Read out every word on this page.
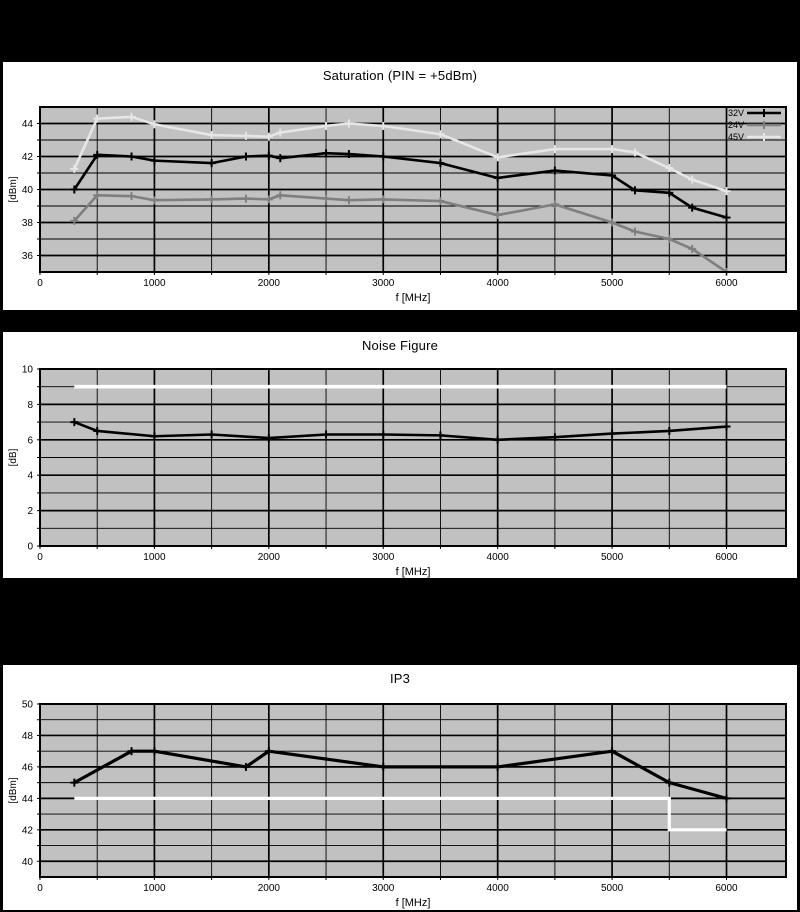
Saturation (PIN = +5dBm)
0	1000	2000	3000	4000	5000	6000
36
38
40
42
44
f [MHz]
[dBm]
32V
24V
45V
Noise Figure
0	1000	2000	3000	4000	5000	6000
0
2
4
6
8
10
f [MHz]
[dB]
IP3
0	1000	2000	3000	4000	5000	6000
40
42
44
46
48
50
f [MHz]
[dBm]
